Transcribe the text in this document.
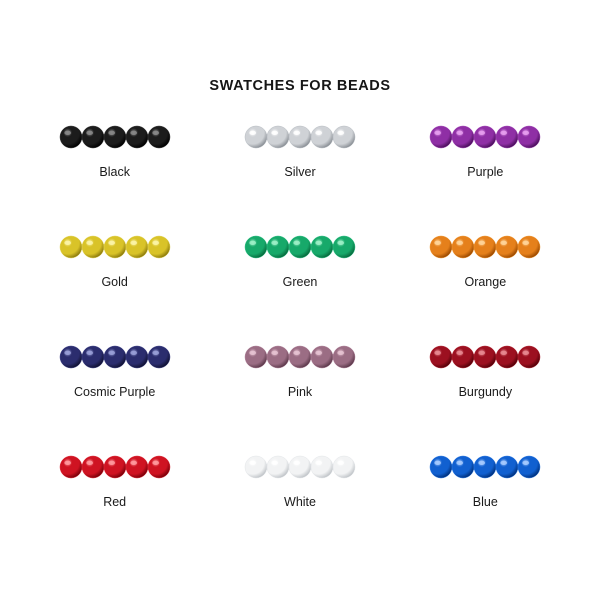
SWATCHES FOR BEADS
Black	Silver	Purple
Gold	Green	Orange
Cosmic Purple	Pink	Burgundy
Red	White	Blue
